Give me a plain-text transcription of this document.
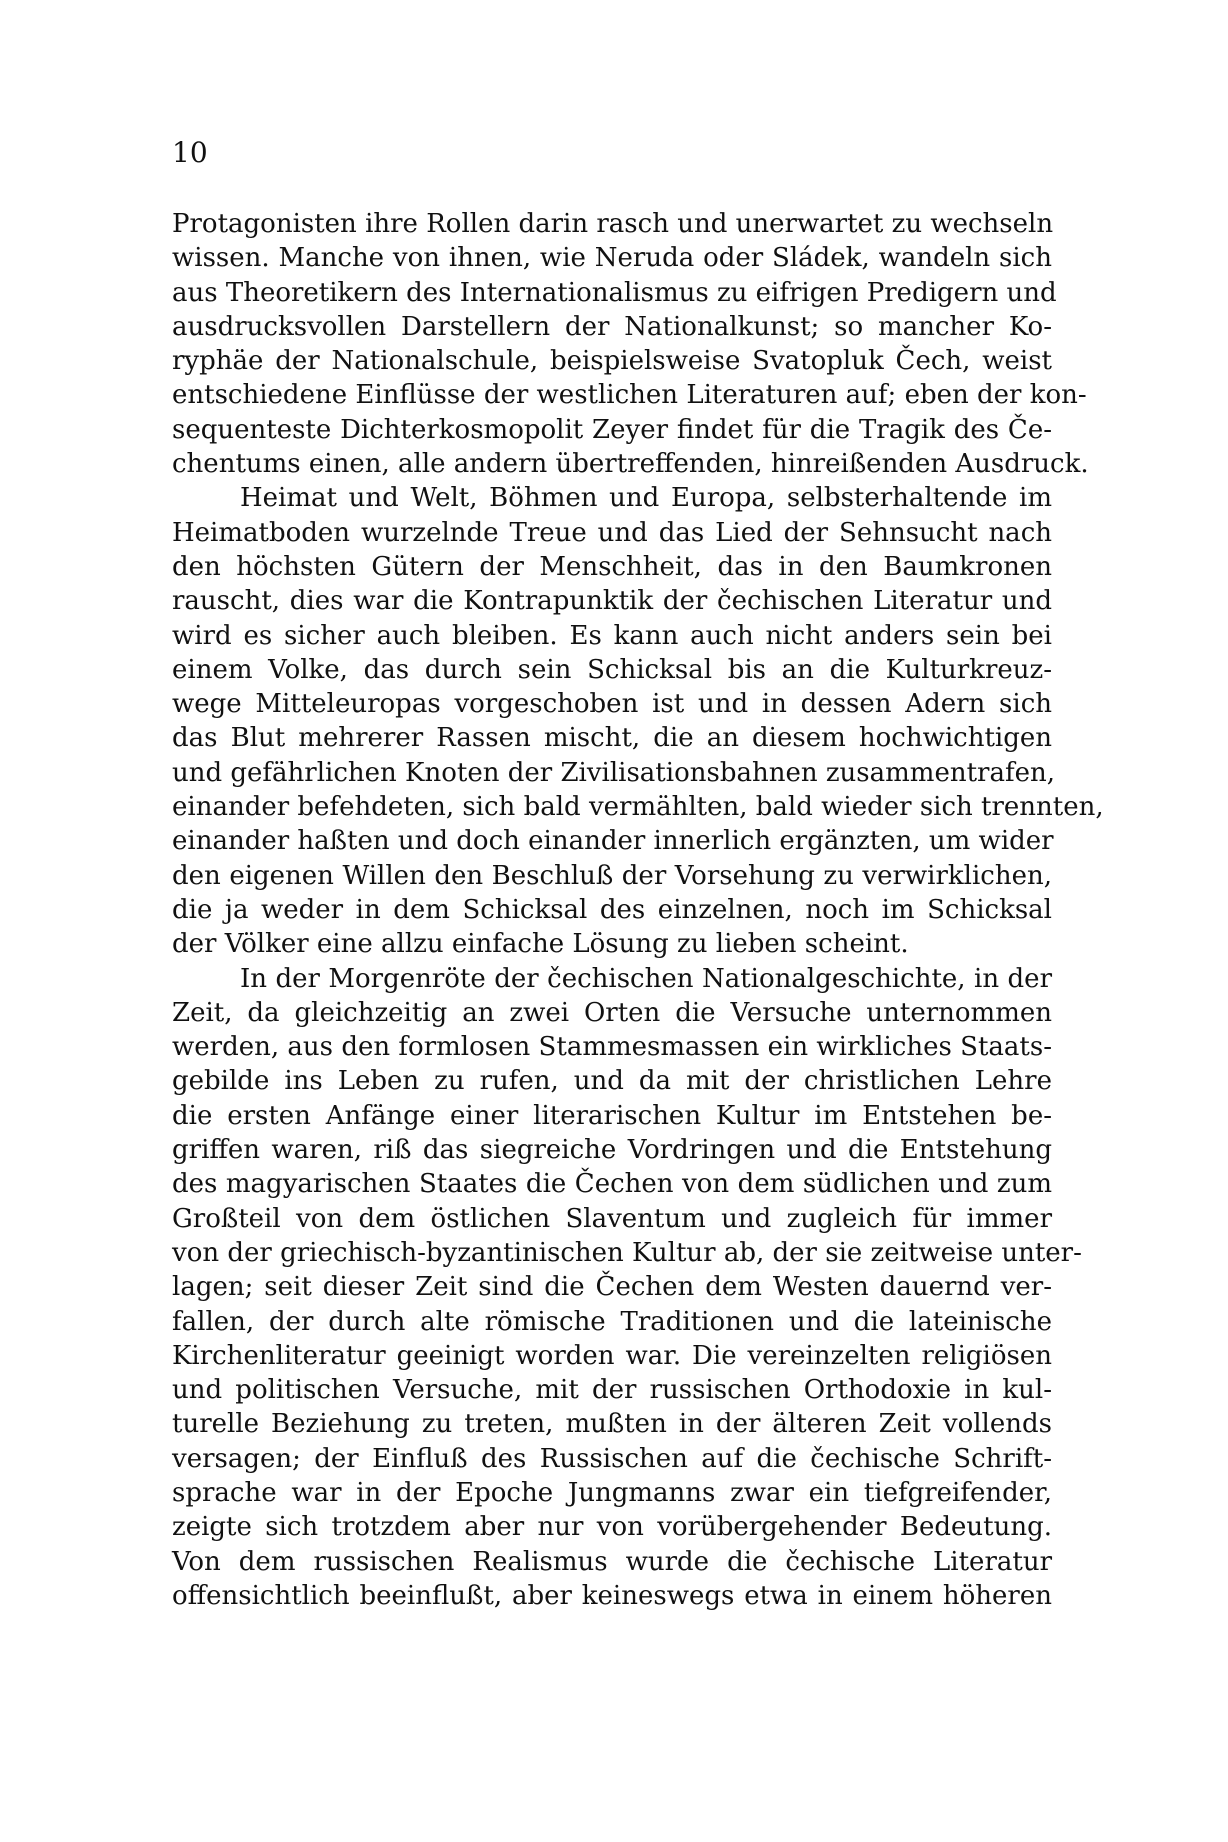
10
Protagonisten ihre Rollen darin rasch und unerwartet zu wechseln
wissen. Manche von ihnen, wie Neruda oder Sládek, wandeln sich
aus Theoretikern des Internationalismus zu eifrigen Predigern und
ausdrucksvollen Darstellern der Nationalkunst; so mancher Ko-
ryphäe der Nationalschule, beispielsweise Svatopluk Čech, weist
entschiedene Einflüsse der westlichen Literaturen auf; eben der kon-
sequenteste Dichterkosmopolit Zeyer findet für die Tragik des Če-
chentums einen, alle andern übertreffenden, hinreißenden Ausdruck.
Heimat und Welt, Böhmen und Europa, selbsterhaltende im
Heimatboden wurzelnde Treue und das Lied der Sehnsucht nach
den höchsten Gütern der Menschheit, das in den Baumkronen
rauscht, dies war die Kontrapunktik der čechischen Literatur und
wird es sicher auch bleiben. Es kann auch nicht anders sein bei
einem Volke, das durch sein Schicksal bis an die Kulturkreuz-
wege Mitteleuropas vorgeschoben ist und in dessen Adern sich
das Blut mehrerer Rassen mischt, die an diesem hochwichtigen
und gefährlichen Knoten der Zivilisationsbahnen zusammentrafen,
einander befehdeten, sich bald vermählten, bald wieder sich trennten,
einander haßten und doch einander innerlich ergänzten, um wider
den eigenen Willen den Beschluß der Vorsehung zu verwirklichen,
die ja weder in dem Schicksal des einzelnen, noch im Schicksal
der Völker eine allzu einfache Lösung zu lieben scheint.
In der Morgenröte der čechischen Nationalgeschichte, in der
Zeit, da gleichzeitig an zwei Orten die Versuche unternommen
werden, aus den formlosen Stammesmassen ein wirkliches Staats-
gebilde ins Leben zu rufen, und da mit der christlichen Lehre
die ersten Anfänge einer literarischen Kultur im Entstehen be-
griffen waren, riß das siegreiche Vordringen und die Entstehung
des magyarischen Staates die Čechen von dem südlichen und zum
Großteil von dem östlichen Slaventum und zugleich für immer
von der griechisch-byzantinischen Kultur ab, der sie zeitweise unter-
lagen; seit dieser Zeit sind die Čechen dem Westen dauernd ver-
fallen, der durch alte römische Traditionen und die lateinische
Kirchenliteratur geeinigt worden war. Die vereinzelten religiösen
und politischen Versuche, mit der russischen Orthodoxie in kul-
turelle Beziehung zu treten, mußten in der älteren Zeit vollends
versagen; der Einfluß des Russischen auf die čechische Schrift-
sprache war in der Epoche Jungmanns zwar ein tiefgreifender,
zeigte sich trotzdem aber nur von vorübergehender Bedeutung.
Von dem russischen Realismus wurde die čechische Literatur
offensichtlich beeinflußt, aber keineswegs etwa in einem höheren
